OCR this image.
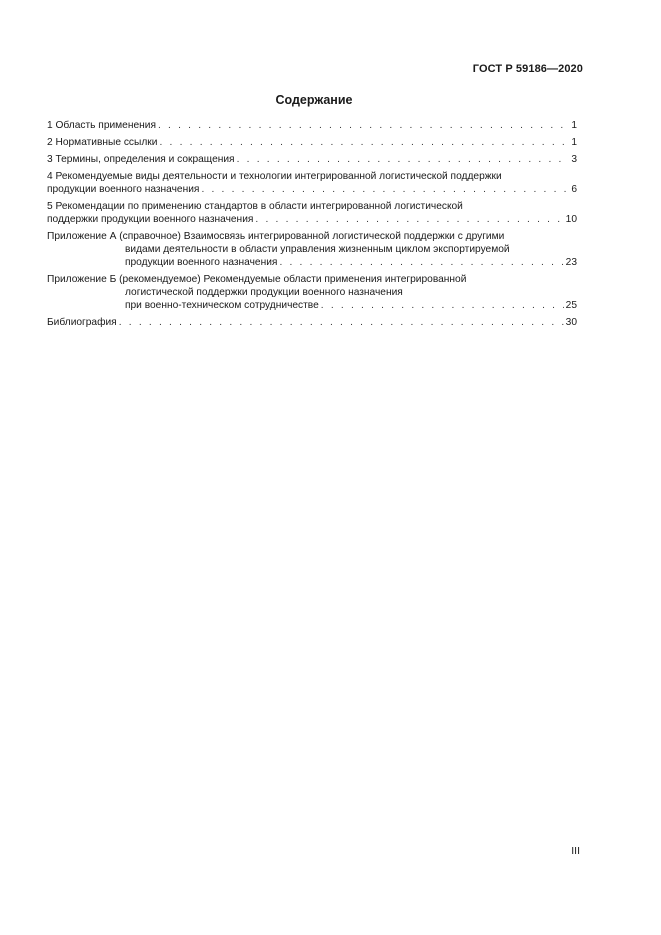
ГОСТ Р 59186—2020
Содержание
1 Область применения . . .	1
2 Нормативные ссылки . . .	1
3 Термины, определения и сокращения . . .	3
4 Рекомендуемые виды деятельности и технологии интегрированной логистической поддержки
продукции военного назначения . . .	6
5 Рекомендации по применению стандартов в области интегрированной логистической
поддержки продукции военного назначения . . .	10
Приложение А (справочное) Взаимосвязь интегрированной логистической поддержки с другими
видами деятельности в области управления жизненным циклом экспортируемой
продукции военного назначения . . .	23
Приложение Б (рекомендуемое) Рекомендуемые области применения интегрированной
логистической поддержки продукции военного назначения
при военно-техническом сотрудничестве . . .	25
Библиография . . .	30
III
